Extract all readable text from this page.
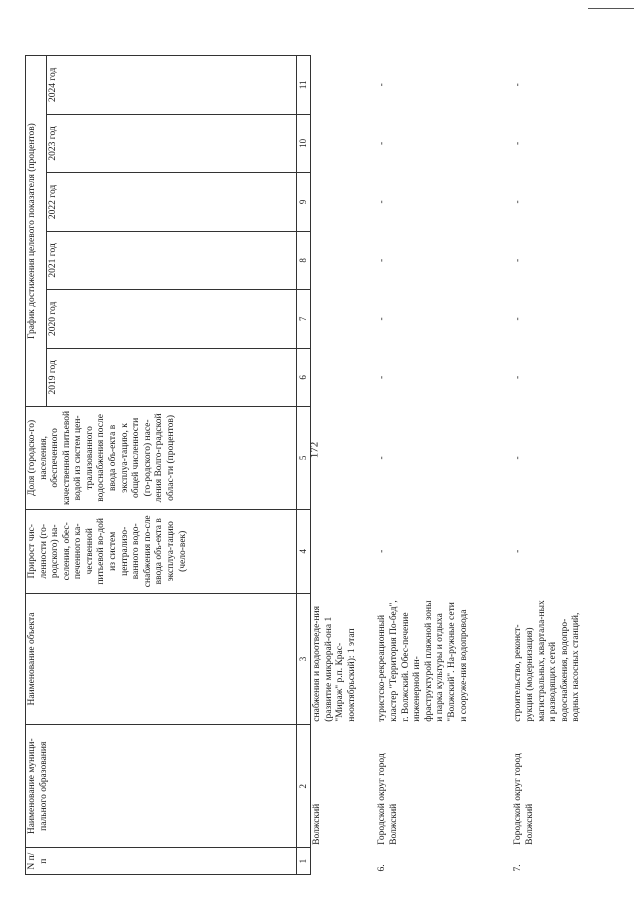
172
N п/п	Наименование муници-пального образования	Наименование объекта	Прирост чис-ленности (го-родского) на-селения, обес-печенного ка-чественной питьевой во-дой из систем централизо-ванного водо-снабжения по-сле ввода объ-екта в эксплуа-тацию (чело-век)	Доля (городско-го) населения, обеспеченного качественной питьевой водой из систем цен-трализованного водоснабжения после ввода объ-екта в эксплуа-тацию, к общей численности (го-родского) насе-ления Волго-градской облас-ти (процентов)	График достижения целевого показателя (процентов)					
					2019 год	2020 год	2021 год	2022 год	2023 год	2024 год
1	2	3	4	5	6	7	8	9	10	11
	Волжский	снабжения и водоотведе-ния (развитие микрорай-она 1 "Мираж" р.п. Крас-нооктябрьский): 1 этап								
6.	Городской округ город Волжский	туристско-рекреационный кластер "Территория По-бед", г. Волжский. Обес-печение инженерной ин-фраструктурой пляжной зоны и парка культуры и отдыха "Волжский". На-ружные сети и сооруже-ния водопровода	-	-	-	-	-	-	-	-
7.	Городской округ город Волжский	строительство, реконст-рукция (модернизация) магистральных, квартала-ных и разводящих сетей водоснабжения, водопро-водных насосных станций,	-	-	-	-	-	-	-	-
